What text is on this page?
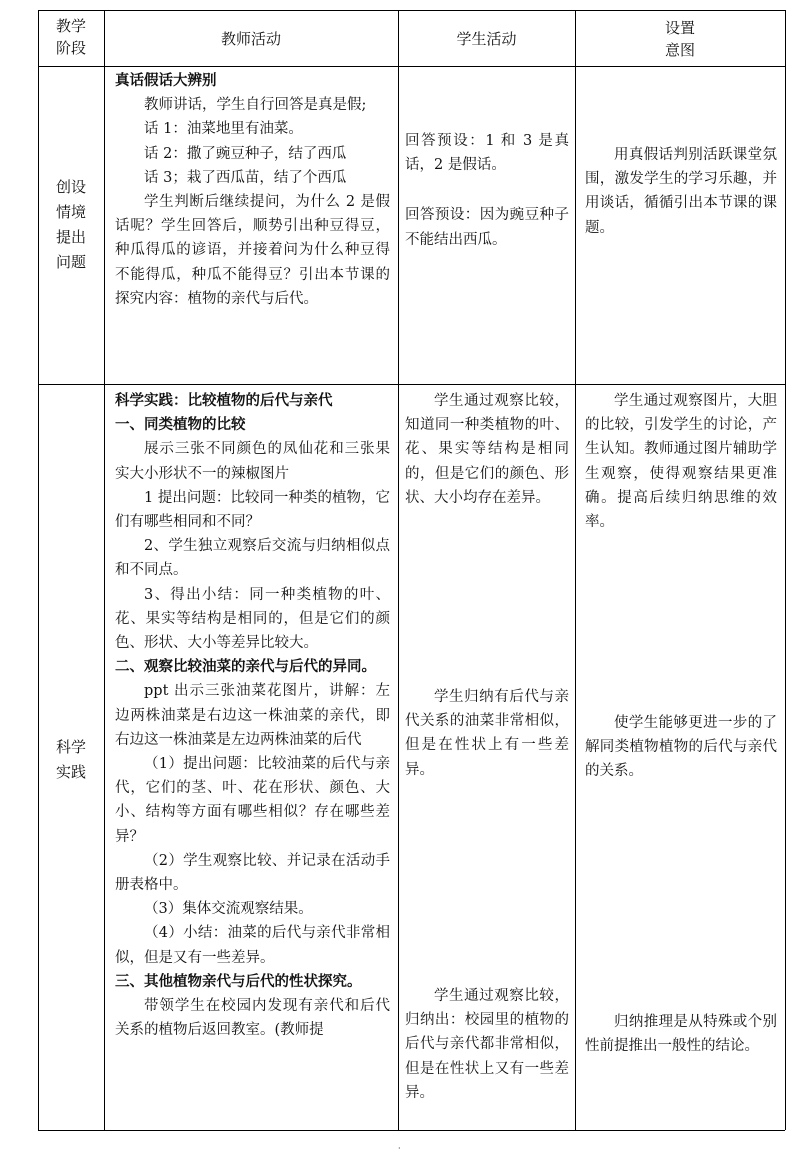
教学

阶段	教师活动	学生活动

设置

意图

创设

情境

提出

问题

真话假话大辨别

教师讲话，学生自行回答是真是假;

话 1：油菜地里有油菜。

话 2：撒了豌豆种子，结了西瓜

话 3；栽了西瓜苗，结了个西瓜

学生判断后继续提问，为什么 2 是假话呢？学生回答后，顺势引出种豆得豆，种瓜得瓜的谚语，并接着问为什么种豆得不能得瓜，种瓜不能得豆？引出本节课的探究内容：植物的亲代与后代。

回答预设：1 和 3 是真话，2 是假话。

回答预设：因为豌豆种子不能结出西瓜。

用真假话判别活跃课堂氛围，激发学生的学习乐趣，并用谈话，循循引出本节课的课题。

科学

实践

科学实践：比较植物的后代与亲代

一、同类植物的比较

展示三张不同颜色的凤仙花和三张果实大小形状不一的辣椒图片

1 提出问题：比较同一种类的植物，它们有哪些相同和不同？

2、学生独立观察后交流与归纳相似点和不同点。

3、得出小结：同一种类植物的叶、花、果实等结构是相同的，但是它们的颜色、形状、大小等差异比较大。

二、观察比较油菜的亲代与后代的异同。

ppt 出示三张油菜花图片，讲解：左边两株油菜是右边这一株油菜的亲代，即右边这一株油菜是左边两株油菜的后代

（1）提出问题：比较油菜的后代与亲代，它们的茎、叶、花在形状、颜色、大小、结构等方面有哪些相似？存在哪些差异？

（2）学生观察比较、并记录在活动手册表格中。

（3）集体交流观察结果。

（4）小结：油菜的后代与亲代非常相似，但是又有一些差异。

三、其他植物亲代与后代的性状探究。

带领学生在校园内发现有亲代和后代关系的植物后返回教室。(教师提

学生通过观察比较，知道同一种类植物的叶、花、果实等结构是相同的，但是它们的颜色、形状、大小均存在差异。

学生归纳有后代与亲代关系的油菜非常相似，但是在性状上有一些差异。

学生通过观察比较，归纳出：校园里的植物的后代与亲代都非常相似，但是在性状上又有一些差异。

学生通过观察图片，大胆的比较，引发学生的讨论，产生认知。教师通过图片辅助学生观察，使得观察结果更准确。提高后续归纳思维的效率。

使学生能够更进一步的了解同类植物植物的后代与亲代的关系。

归纳推理是从特殊或个别性前提推出一般性的结论。

·
